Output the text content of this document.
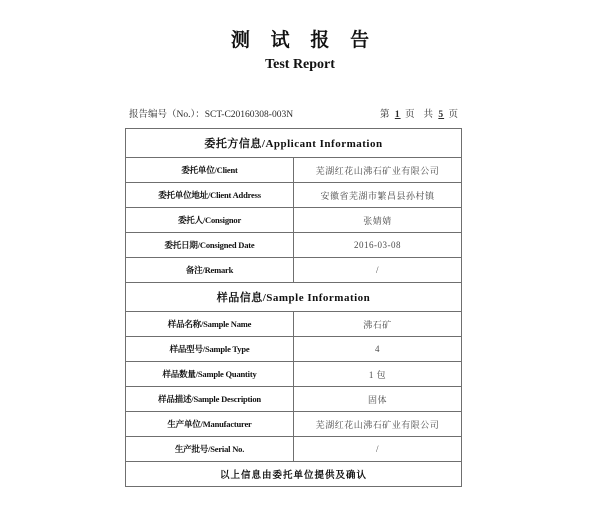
测 试 报 告
Test Report
报告编号（No.）：SCT-C20160308-003N	第 1 页 共 5 页
委托方信息/Applicant Information	
委托单位/Client	芜湖红花山沸石矿业有限公司
委托单位地址/Client Address	安徽省芜湖市繁昌县孙村镇
委托人/Consignor	张婧婧
委托日期/Consigned Date	2016-03-08
备注/Remark	/
样品信息/Sample Information	
样品名称/Sample Name	沸石矿
样品型号/Sample Type	4
样品数量/Sample Quantity	1 包
样品描述/Sample Description	固体
生产单位/Manufacturer	芜湖红花山沸石矿业有限公司
生产批号/Serial No.	/
以上信息由委托单位提供及确认	
